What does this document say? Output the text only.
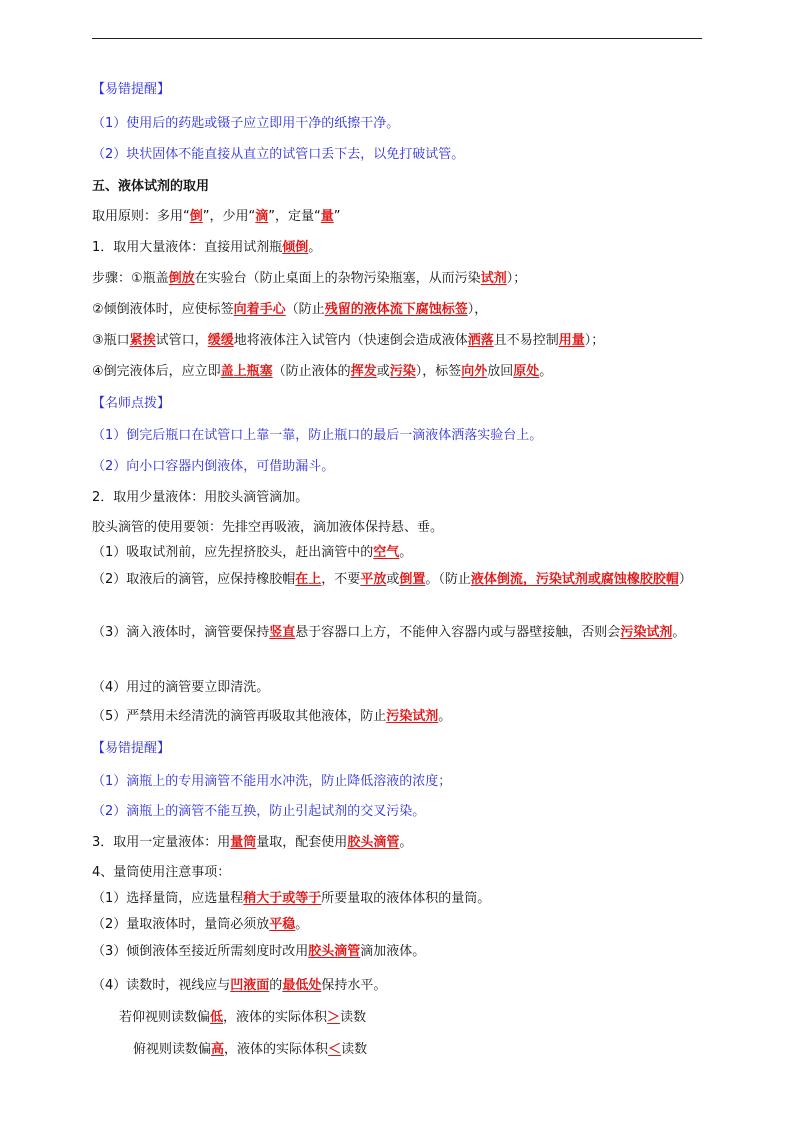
【易错提醒】
（1）使用后的药匙或镊子应立即用干净的纸擦干净。
（2）块状固体不能直接从直立的试管口丢下去，以免打破试管。
五、液体试剂的取用
取用原则：多用“倒”，少用“滴”，定量“量”
1．取用大量液体：直接用试剂瓶倾倒。
步骤：①瓶盖倒放在实验台（防止桌面上的杂物污染瓶塞，从而污染试剂）；
②倾倒液体时，应使标签向着手心（防止残留的液体流下腐蚀标签），
③瓶口紧挨试管口，缓缓地将液体注入试管内（快速倒会造成液体洒落且不易控制用量）；
④倒完液体后，应立即盖上瓶塞（防止液体的挥发或污染），标签向外放回原处。
【名师点拨】
（1）倒完后瓶口在试管口上靠一靠，防止瓶口的最后一滴液体洒落实验台上。
（2）向小口容器内倒液体，可借助漏斗。
2．取用少量液体：用胶头滴管滴加。
胶头滴管的使用要领：先排空再吸液，滴加液体保持悬、垂。
（1）吸取试剂前，应先捏挤胶头，赶出滴管中的空气。
（2）取液后的滴管，应保持橡胶帽在上，不要平放或倒置。（防止液体倒流，污染试剂或腐蚀橡胶胶帽）
（3）滴入液体时，滴管要保持竖直悬于容器口上方，不能伸入容器内或与器壁接触，否则会污染试剂。
（4）用过的滴管要立即清洗。
（5）严禁用未经清洗的滴管再吸取其他液体，防止污染试剂。
【易错提醒】
（1）滴瓶上的专用滴管不能用水冲洗，防止降低溶液的浓度；
（2）滴瓶上的滴管不能互换，防止引起试剂的交叉污染。
3．取用一定量液体：用量筒量取，配套使用胶头滴管。
4、量筒使用注意事项：
（1）选择量筒，应选量程稍大于或等于所要量取的液体体积的量筒。
（2）量取液体时，量筒必须放平稳。
（3）倾倒液体至接近所需刻度时改用胶头滴管滴加液体。
（4）读数时，视线应与凹液面的最低处保持水平。
若仰视则读数偏低，液体的实际体积＞读数
俯视则读数偏高，液体的实际体积＜读数
